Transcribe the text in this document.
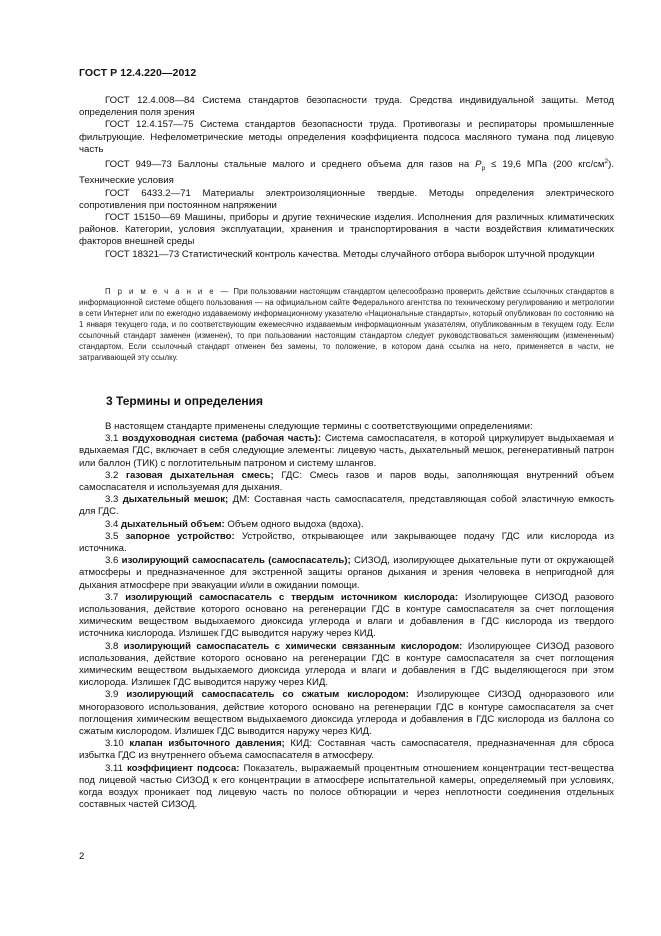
ГОСТ Р 12.4.220—2012

ГОСТ 12.4.008—84 Система стандартов безопасности труда. Средства индивидуальной защиты. Метод определения поля зрения

ГОСТ 12.4.157—75 Система стандартов безопасности труда. Противогазы и респираторы промышленные фильтрующие. Нефелометрические методы определения коэффициента подсоса масляного тумана под лицевую часть

ГОСТ 949—73 Баллоны стальные малого и среднего объема для газов на $P_р \le 19,6$ МПа (200 кгс/$см^2$). Технические условия

ГОСТ 6433.2—71 Материалы электроизоляционные твердые. Методы определения электрического сопротивления при постоянном напряжении

ГОСТ 15150—69 Машины, приборы и другие технические изделия. Исполнения для различных климатических районов. Категории, условия эксплуатации, хранения и транспортирования в части воздействия климатических факторов внешней среды

ГОСТ 18321—73 Статистический контроль качества. Методы случайного отбора выборок штучной продукции

П р и м е ч а н и е — При пользовании настоящим стандартом целесообразно проверить действие ссылочных стандартов в информационной системе общего пользования — на официальном сайте Федерального агентства по техническому регулированию и метрологии в сети Интернет или по ежегодно издаваемому информационному указателю «Национальные стандарты», который опубликован по состоянию на 1 января текущего года, и по соответствующим ежемесячно издаваемым информационным указателям, опубликованным в текущем году. Если ссылочный стандарт заменен (изменен), то при пользовании настоящим стандартом следует руководствоваться заменяющим (измененным) стандартом. Если ссылочный стандарт отменен без замены, то положение, в котором дана ссылка на него, применяется в части, не затрагивающей эту ссылку.

3 Термины и определения

В настоящем стандарте применены следующие термины с соответствующими определениями:

3.1 воздуховодная система (рабочая часть): Система самоспасателя, в которой циркулирует выдыхаемая и вдыхаемая ГДС, включает в себя следующие элементы: лицевую часть, дыхательный мешок, регенеративный патрон или баллон (ТИК) с поглотительным патроном и систему шлангов.

3.2 газовая дыхательная смесь; ГДС: Смесь газов и паров воды, заполняющая внутренний объем самоспасателя и используемая для дыхания.

3.3 дыхательный мешок; ДМ: Составная часть самоспасателя, представляющая собой эластичную емкость для ГДС.

3.4 дыхательный объем: Объем одного выдоха (вдоха).

3.5 запорное устройство: Устройство, открывающее или закрывающее подачу ГДС или кислорода из источника.

3.6 изолирующий самоспасатель (самоспасатель); СИЗОД, изолирующее дыхательные пути от окружающей атмосферы и предназначенное для экстренной защиты органов дыхания и зрения человека в непригодной для дыхания атмосфере при эвакуации и/или в ожидании помощи.

3.7 изолирующий самоспасатель с твердым источником кислорода: Изолирующее СИЗОД разового использования, действие которого основано на регенерации ГДС в контуре самоспасателя за счет поглощения химическим веществом выдыхаемого диоксида углерода и влаги и добавления в ГДС кислорода из твердого источника кислорода. Излишек ГДС выводится наружу через КИД.

3.8 изолирующий самоспасатель с химически связанным кислородом: Изолирующее СИЗОД разового использования, действие которого основано на регенерации ГДС в контуре самоспасателя за счет поглощения химическим веществом выдыхаемого диоксида углерода и влаги и добавления в ГДС выделяющегося при этом кислорода. Излишек ГДС выводится наружу через КИД.

3.9 изолирующий самоспасатель со сжатым кислородом: Изолирующее СИЗОД одноразового или многоразового использования, действие которого основано на регенерации ГДС в контуре самоспасателя за счет поглощения химическим веществом выдыхаемого диоксида углерода и добавления в ГДС кислорода из баллона со сжатым кислородом. Излишек ГДС выводится наружу через КИД.

3.10 клапан избыточного давления; КИД: Составная часть самоспасателя, предназначенная для сброса избытка ГДС из внутреннего объема самоспасателя в атмосферу.

3.11 коэффициент подсоса: Показатель, выражаемый процентным отношением концентрации тест-вещества под лицевой частью СИЗОД к его концентрации в атмосфере испытательной камеры, определяемый при условиях, когда воздух проникает под лицевую часть по полосе обтюрации и через неплотности соединения отдельных составных частей СИЗОД.

2
